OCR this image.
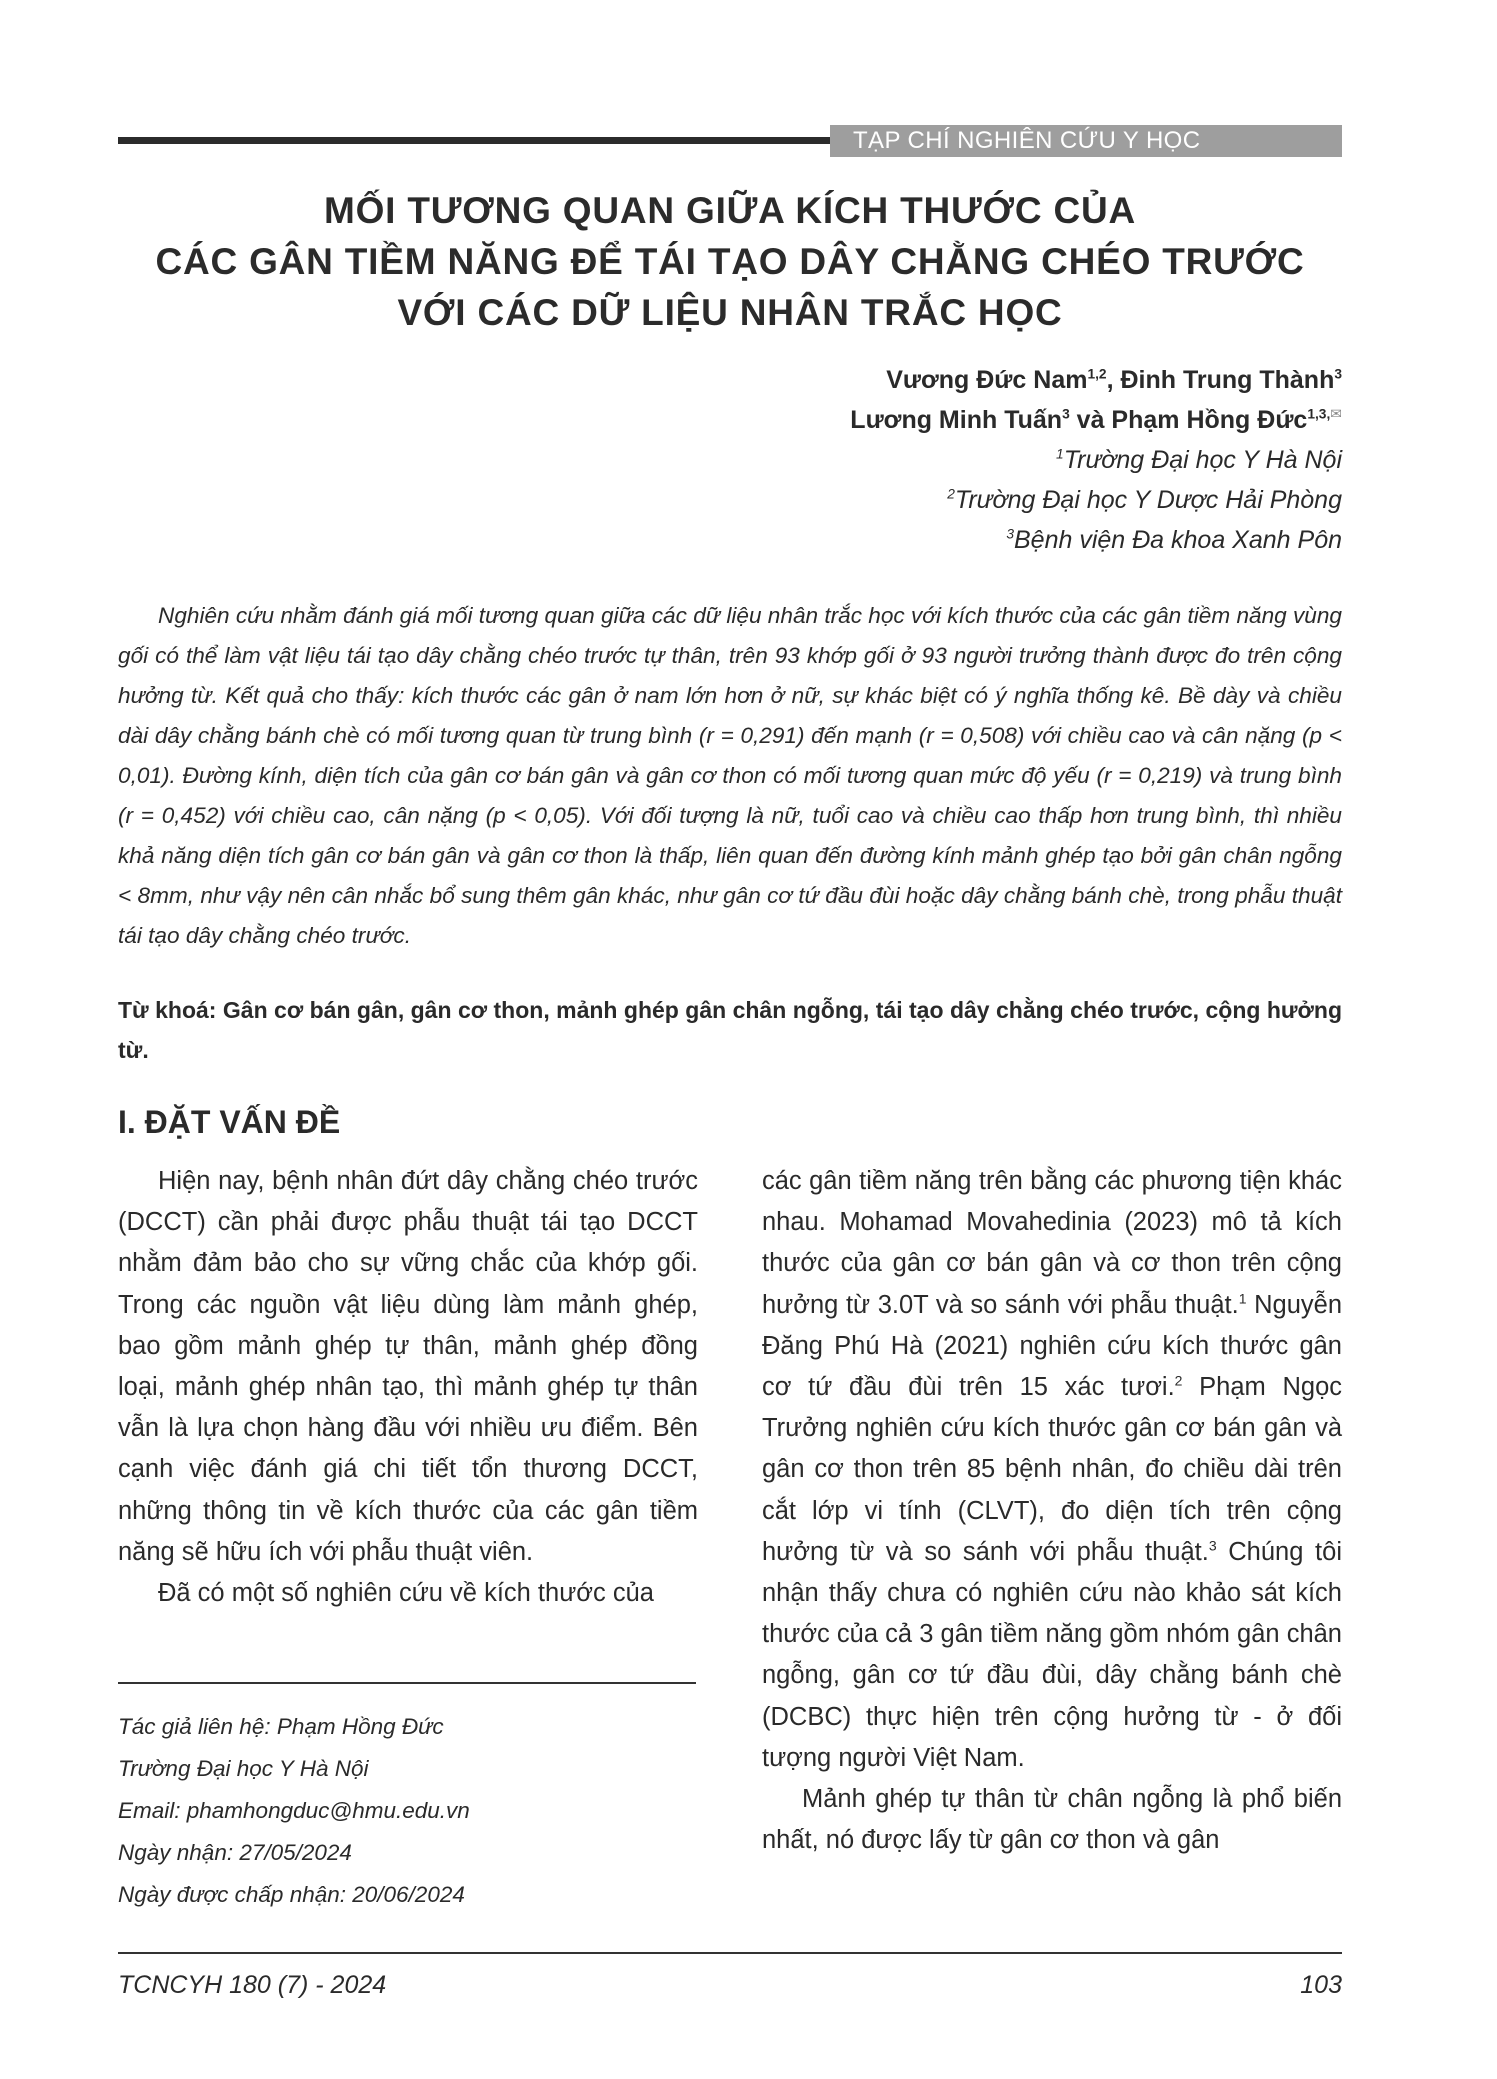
TẠP CHÍ NGHIÊN CỨU Y HỌC
MỐI TƯƠNG QUAN GIỮA KÍCH THƯỚC CỦA
CÁC GÂN TIỀM NĂNG ĐỂ TÁI TẠO DÂY CHẰNG CHÉO TRƯỚC
VỚI CÁC DỮ LIỆU NHÂN TRẮC HỌC
Vương Đức Nam$^{1,2}$, Đinh Trung Thành$^3$
Lương Minh Tuấn$^3$ và Phạm Hồng Đức$^{1,3,✉}$
$^1$Trường Đại học Y Hà Nội
$^2$Trường Đại học Y Dược Hải Phòng
$^3$Bệnh viện Đa khoa Xanh Pôn
Nghiên cứu nhằm đánh giá mối tương quan giữa các dữ liệu nhân trắc học với kích thước của các gân tiềm năng vùng gối có thể làm vật liệu tái tạo dây chằng chéo trước tự thân, trên 93 khớp gối ở 93 người trưởng thành được đo trên cộng hưởng từ. Kết quả cho thấy: kích thước các gân ở nam lớn hơn ở nữ, sự khác biệt có ý nghĩa thống kê. Bề dày và chiều dài dây chằng bánh chè có mối tương quan từ trung bình (r = 0,291) đến mạnh (r = 0,508) với chiều cao và cân nặng (p < 0,01). Đường kính, diện tích của gân cơ bán gân và gân cơ thon có mối tương quan mức độ yếu (r = 0,219) và trung bình (r = 0,452) với chiều cao, cân nặng (p < 0,05). Với đối tượng là nữ, tuổi cao và chiều cao thấp hơn trung bình, thì nhiều khả năng diện tích gân cơ bán gân và gân cơ thon là thấp, liên quan đến đường kính mảnh ghép tạo bởi gân chân ngỗng < 8mm, như vậy nên cân nhắc bổ sung thêm gân khác, như gân cơ tứ đầu đùi hoặc dây chằng bánh chè, trong phẫu thuật tái tạo dây chằng chéo trước.
Từ khoá: Gân cơ bán gân, gân cơ thon, mảnh ghép gân chân ngỗng, tái tạo dây chằng chéo trước, cộng hưởng từ.
I. ĐẶT VẤN ĐỀ

Hiện nay, bệnh nhân đứt dây chằng chéo trước (DCCT) cần phải được phẫu thuật tái tạo DCCT nhằm đảm bảo cho sự vững chắc của khớp gối. Trong các nguồn vật liệu dùng làm mảnh ghép, bao gồm mảnh ghép tự thân, mảnh ghép đồng loại, mảnh ghép nhân tạo, thì mảnh ghép tự thân vẫn là lựa chọn hàng đầu với nhiều ưu điểm. Bên cạnh việc đánh giá chi tiết tổn thương DCCT, những thông tin về kích thước của các gân tiềm năng sẽ hữu ích với phẫu thuật viên.

Đã có một số nghiên cứu về kích thước của

các gân tiềm năng trên bằng các phương tiện khác nhau. Mohamad Movahedinia (2023) mô tả kích thước của gân cơ bán gân và cơ thon trên cộng hưởng từ 3.0T và so sánh với phẫu thuật.$^1$ Nguyễn Đăng Phú Hà (2021) nghiên cứu kích thước gân cơ tứ đầu đùi trên 15 xác tươi.$^2$ Phạm Ngọc Trưởng nghiên cứu kích thước gân cơ bán gân và gân cơ thon trên 85 bệnh nhân, đo chiều dài trên cắt lớp vi tính (CLVT), đo diện tích trên cộng hưởng từ và so sánh với phẫu thuật.$^3$ Chúng tôi nhận thấy chưa có nghiên cứu nào khảo sát kích thước của cả 3 gân tiềm năng gồm nhóm gân chân ngỗng, gân cơ tứ đầu đùi, dây chằng bánh chè (DCBC) thực hiện trên cộng hưởng từ - ở đối tượng người Việt Nam.

Mảnh ghép tự thân từ chân ngỗng là phổ biến nhất, nó được lấy từ gân cơ thon và gân

Tác giả liên hệ: Phạm Hồng Đức
Trường Đại học Y Hà Nội
Email: phamhongduc@hmu.edu.vn
Ngày nhận: 27/05/2024
Ngày được chấp nhận: 20/06/2024
TCNCYH 180 (7) - 2024	103
